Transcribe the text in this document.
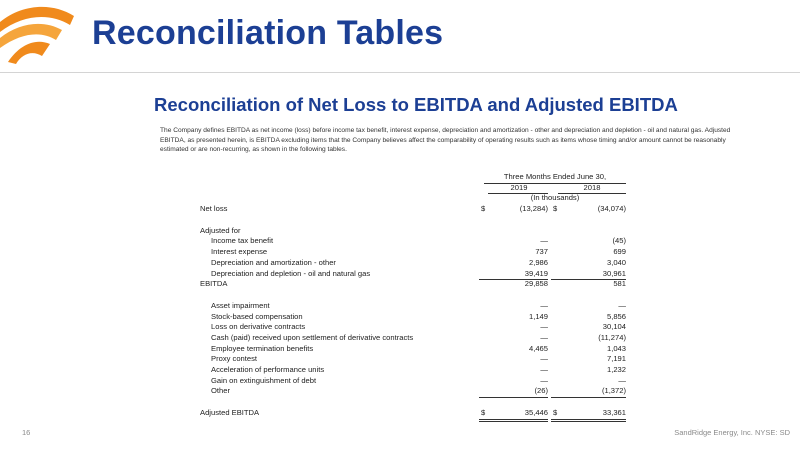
Reconciliation Tables
Reconciliation of Net Loss to EBITDA and Adjusted EBITDA

The Company defines EBITDA as net income (loss) before income tax benefit, interest expense, depreciation and amortization - other and depreciation and depletion - oil and natural gas. Adjusted EBITDA, as presented herein, is EBITDA excluding items that the Company believes affect the comparability of operating results such as items whose timing and/or amount cannot be reasonably estimated or are non-recurring, as shown in the following tables.

Three Months Ended June 30,
2019	2018
(In thousands)
Net loss	$	(13,284) $	(34,074)
Adjusted for
Income tax benefit	—	(45)
Interest expense	737	699
Depreciation and amortization - other	2,986	3,040
Depreciation and depletion - oil and natural gas	39,419	30,961
EBITDA	29,858	581
Asset impairment	—	—
Stock-based compensation	1,149	5,856
Loss on derivative contracts	—	30,104
Cash (paid) received upon settlement of derivative contracts	—	(11,274)
Employee termination benefits	4,465	1,043
Proxy contest	—	7,191
Acceleration of performance units	—	1,232
Gain on extinguishment of debt	—	—
Other	(26)	(1,372)
Adjusted EBITDA	$	35,446 $	33,361
16	SandRidge Energy, Inc. NYSE: SD
